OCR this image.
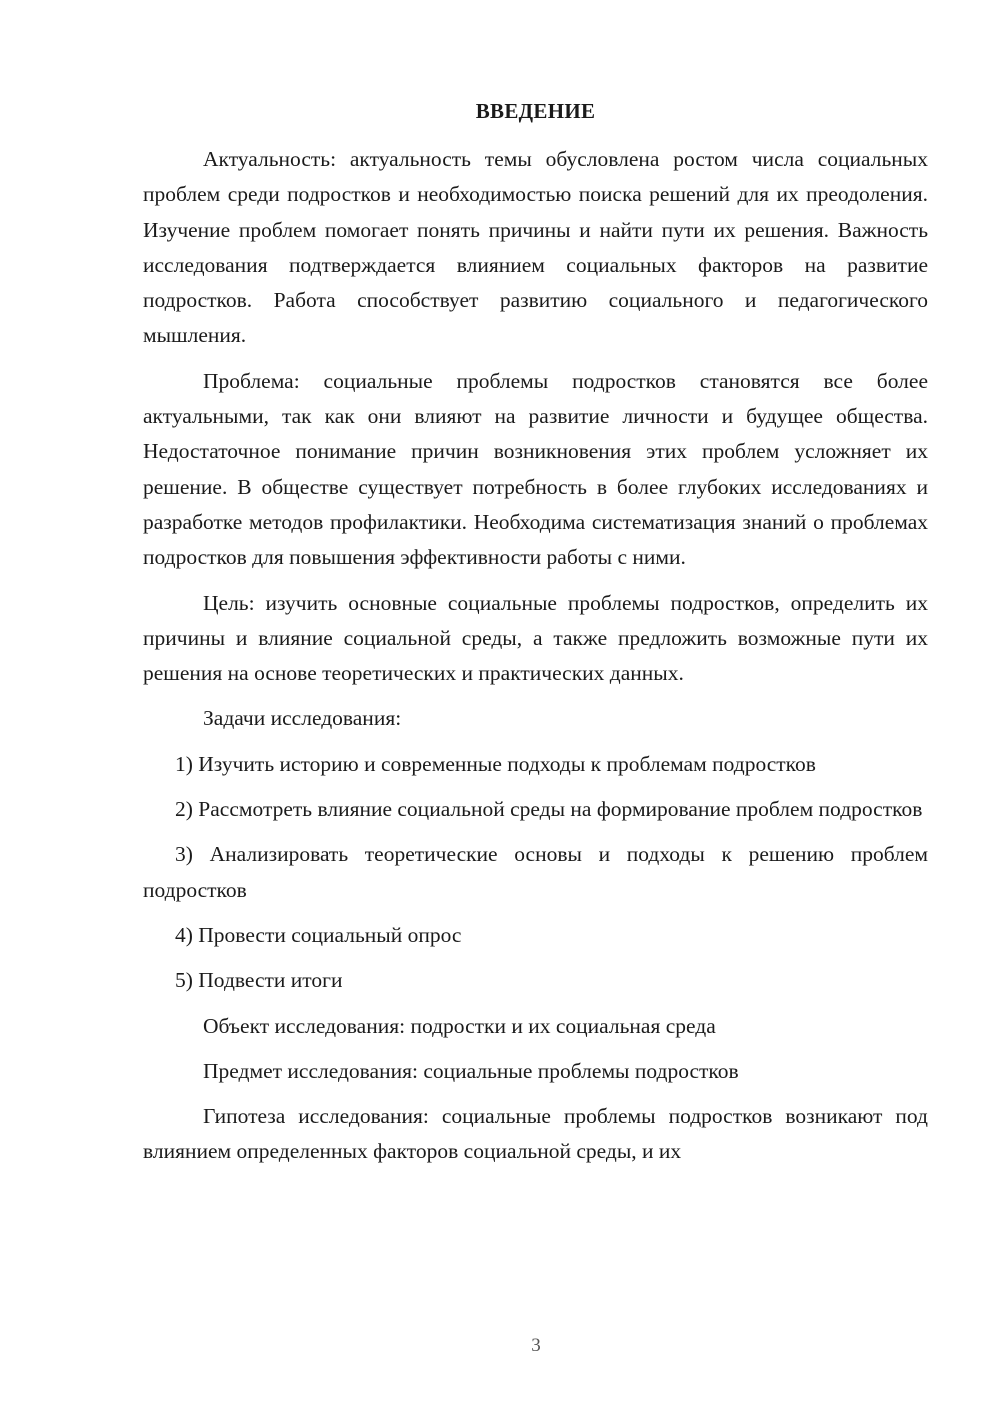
ВВЕДЕНИЕ

Актуальность: актуальность темы обусловлена ростом числа социальных проблем среди подростков и необходимостью поиска решений для их преодоления. Изучение проблем помогает понять причины и найти пути их решения. Важность исследования подтверждается влиянием социальных факторов на развитие подростков. Работа способствует развитию социального и педагогического мышления.

Проблема: социальные проблемы подростков становятся все более актуальными, так как они влияют на развитие личности и будущее общества. Недостаточное понимание причин возникновения этих проблем усложняет их решение. В обществе существует потребность в более глубоких исследованиях и разработке методов профилактики. Необходима систематизация знаний о проблемах подростков для повышения эффективности работы с ними.

Цель: изучить основные социальные проблемы подростков, определить их причины и влияние социальной среды, а также предложить возможные пути их решения на основе теоретических и практических данных.

Задачи исследования:

1) Изучить историю и современные подходы к проблемам подростков

2) Рассмотреть влияние социальной среды на формирование проблем подростков

3) Анализировать теоретические основы и подходы к решению проблем подростков

4) Провести социальный опрос

5) Подвести итоги

Объект исследования: подростки и их социальная среда

Предмет исследования: социальные проблемы подростков

Гипотеза исследования: социальные проблемы подростков возникают под влиянием определенных факторов социальной среды, и их

3
